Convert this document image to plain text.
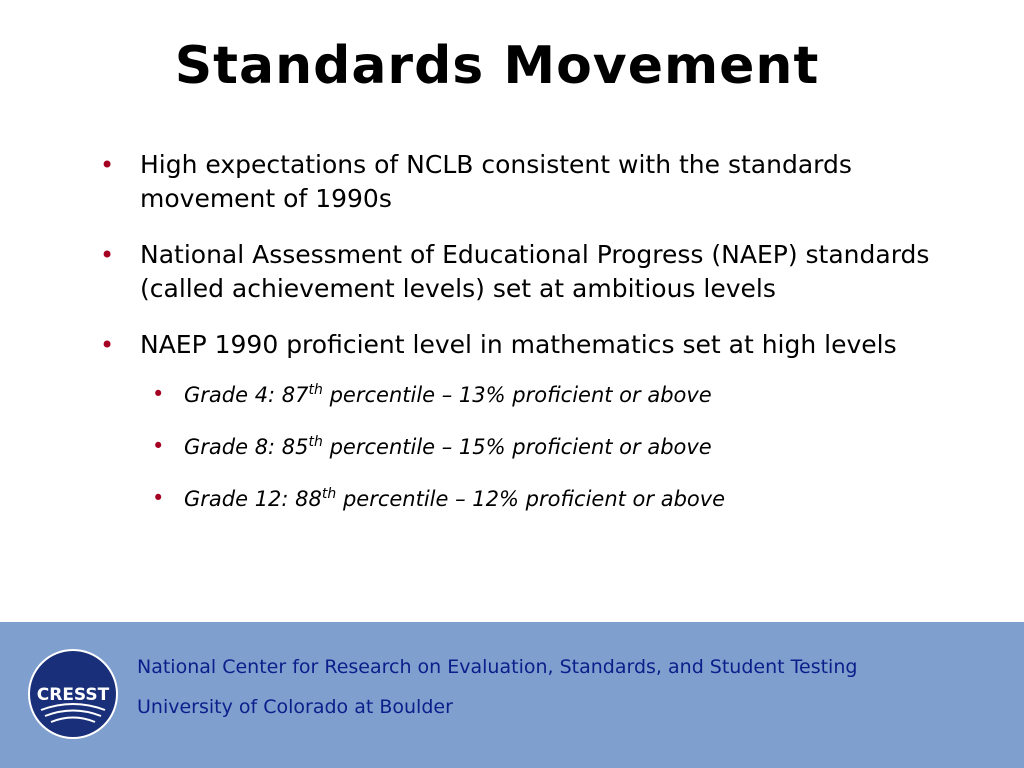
Standards Movement
• High expectations of NCLB consistent with the standards movement of 1990s
• National Assessment of Educational Progress (NAEP) standards (called achievement levels) set at ambitious levels
• NAEP 1990 proficient level in mathematics set at high levels
• Grade 4: 87th percentile – 13% proficient or above
• Grade 8: 85th percentile – 15% proficient or above
• Grade 12: 88th percentile – 12% proficient or above
CRESST
National Center for Research on Evaluation, Standards, and Student Testing
University of Colorado at Boulder
